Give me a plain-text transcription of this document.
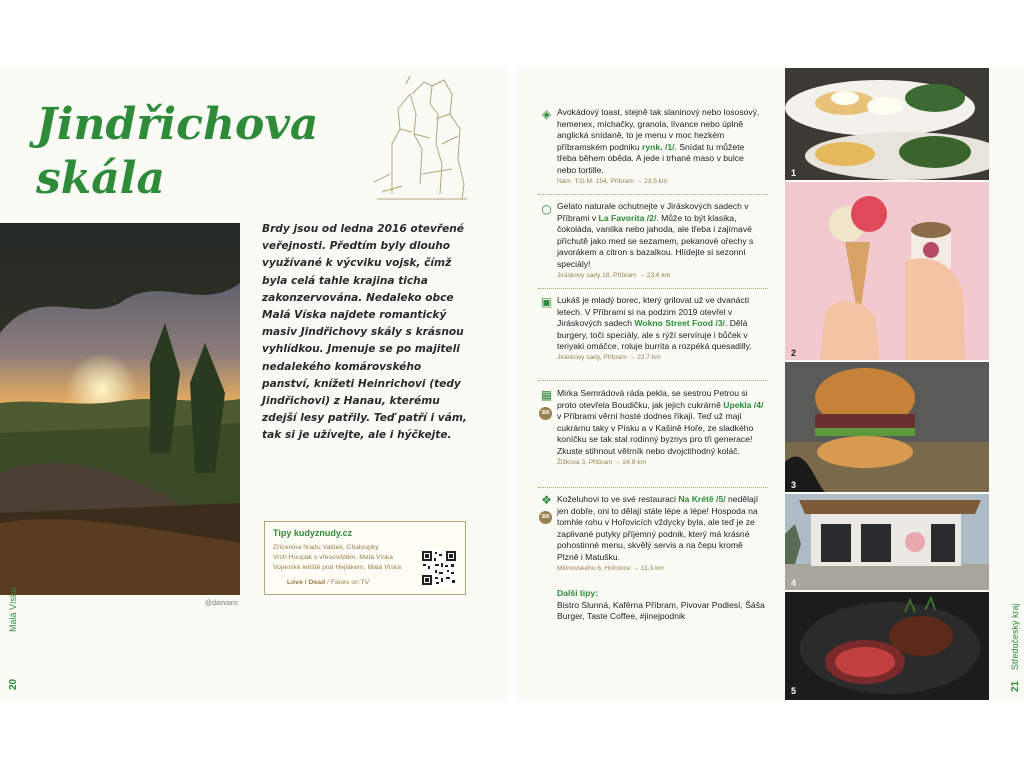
Jindřichova
skála
@davvanc
Malá Víska
20
Brdy jsou od ledna 2016 otevřené veřejnosti. Předtím byly dlouho využívané k výcviku vojsk, čímž byla celá tahle krajina ticha zakonzervována. Nedaleko obce Malá Víska najdete romantický masiv Jindřichovy skály s krásnou vyhlídkou. Jmenuje se po majiteli nedalekého komárovského panství, knížeti Heinrichovi (tedy Jindřichovi) z Hanau, kterému zdejší lesy patřily. Teď patří i vám, tak si je užívejte, ale i hýčkejte.
Tipy kudyznudy.cz
Zřícenina hradu Valdek, Chaloupky
Vrch Houpák s vřesovištěm, Malá Víska
Vojenské letiště pod Hejlákem, Malá Víska
Love / Dead / Faces on TV
◈ Avokádový toast, stejně tak slaninový nebo lososový, hemenex, míchačky, granola, lívance nebo úplně anglická snídaně, to je menu v moc hezkém příbramském podniku rynk. /1/. Snídat tu můžete třeba během oběda. A jede i trhané maso v bulce nebo tortille.
Nám. T.G.M. 154, Příbram → 23.5 km
○ Gelato naturale ochutnejte v Jiráskových sadech v Příbrami v La Favorita /2/. Může to být klasika, čokoláda, vanilka nebo jahoda, ale třeba i zajímavé příchutě jako med se sezamem, pekanové ořechy s javorákem a citron s bazalkou. Hlídejte si sezonní speciály!
Jiráskovy sady 18, Příbram → 23.6 km
▣ Lukáš je mladý borec, který grilovat už ve dvanácti letech. V Příbrami si na podzim 2019 otevřel v Jiráskových sadech Wokno Street Food /3/. Dělá burgery, točí speciály, ale s rýží servíruje i bůček v teriyaki omáčce, roluje burrita a rozpéká quesadilly.
Jiráskovy sady, Příbram → 23.7 km
▦
365
Mirka Semrádová ráda pekla, se sestrou Petrou si proto otevřela Boudičku, jak jejich cukrárně Upekla /4/ v Příbrami věrní hosté dodnes říkají. Teď už mají cukrárnu taky v Písku a v Kašině Hoře, ze sladkého koníčku se tak stal rodinný byznys pro tři generace! Zkuste stihnout větrník nebo dvojctihodný koláč.
Žižkova 3, Příbram → 24.8 km
❖
365
Koželuhovi to ve své restauraci Na Krétě /5/ nedělají jen dobře, oni to dělají stále lépe a lépe! Hospoda na tomhle rohu v Hořovicích vždycky byla, ale teď je ze zaplivané putyky příjemný podnik, který má krásné pohostinné menu, skvělý servis a na čepu kromě Plzně i Matušku.
Milínovského 6, Hořovice → 11.3 km
Další tipy:
Bistro Slunná, Kafěrna Příbram, Pivovar Podlesí, Šáša Burger, Taste Coffee, #jinejpodnik	Středočeský kraj
21
1
2
3
4
5
